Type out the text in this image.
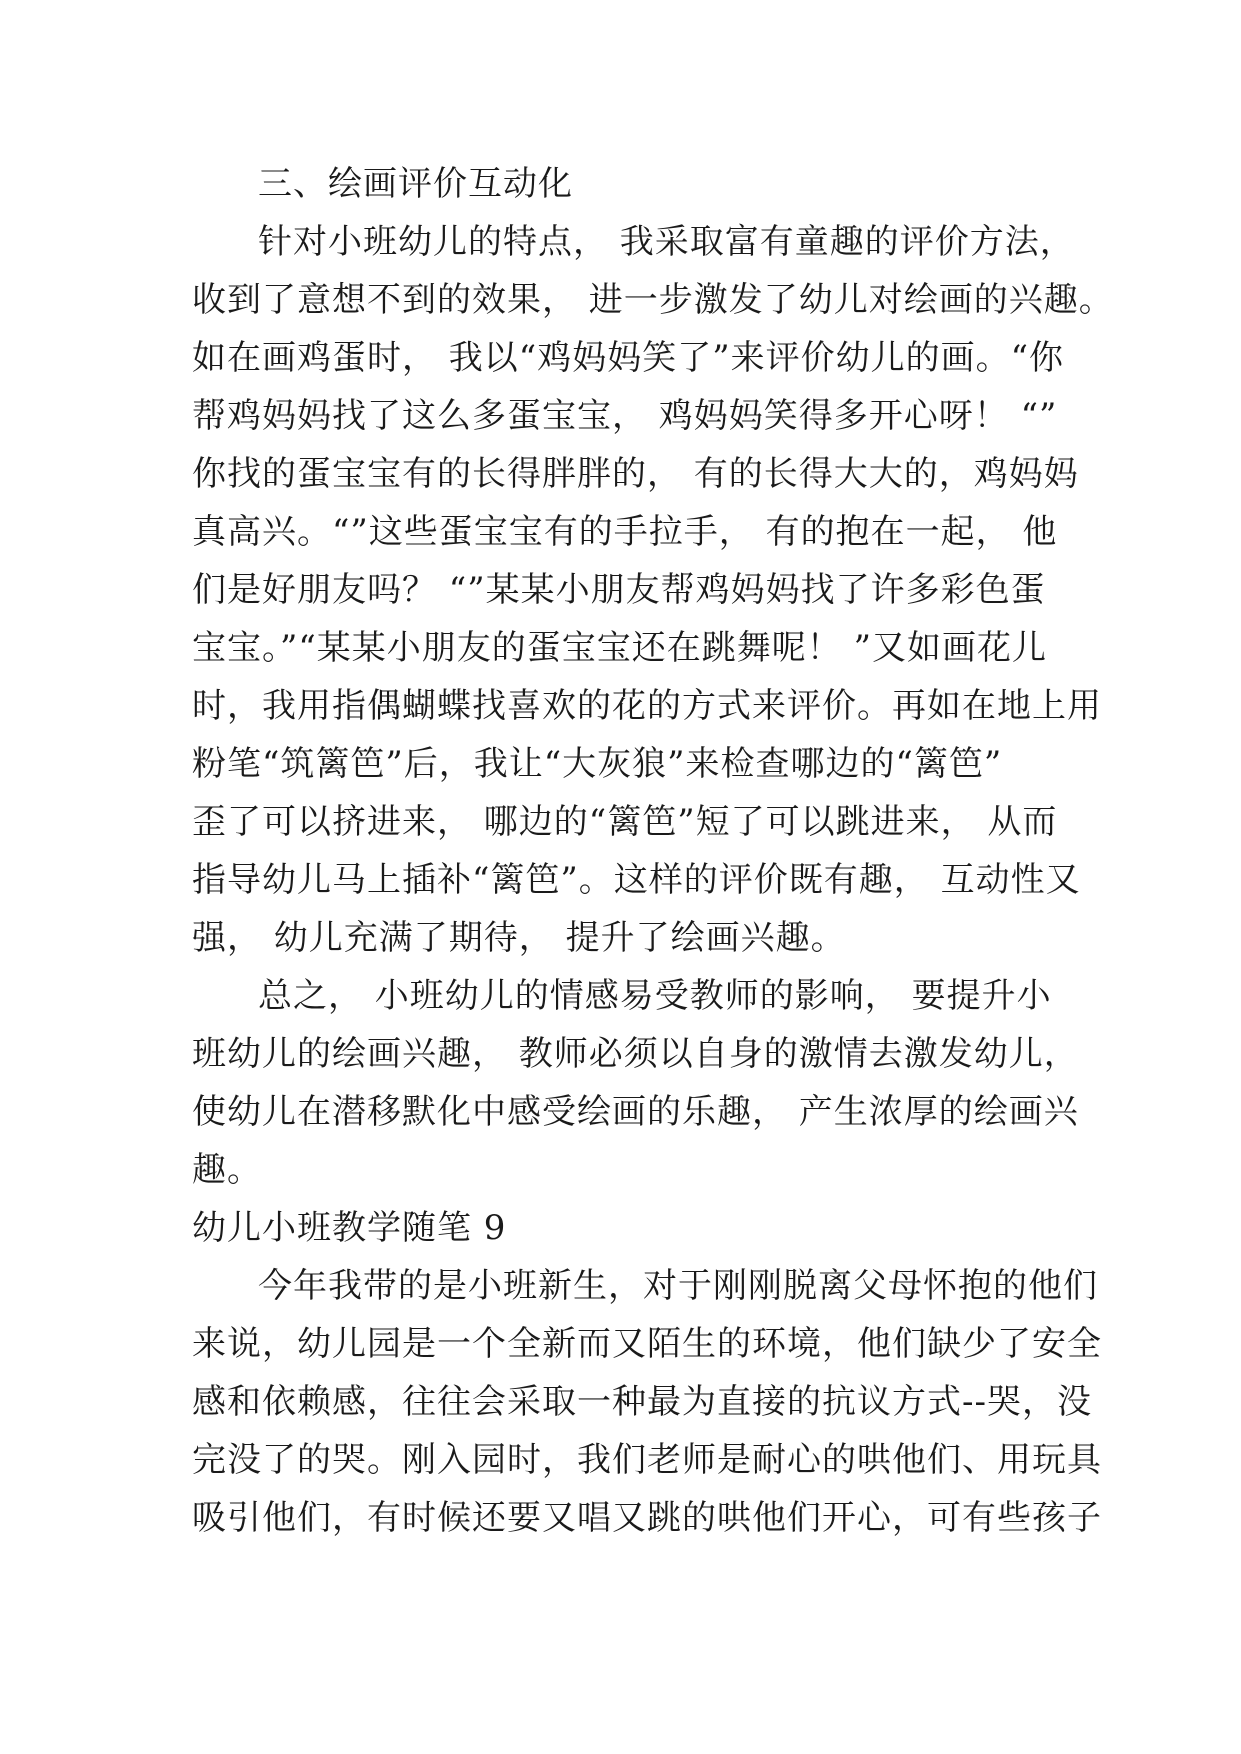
三、绘画评价互动化
针对小班幼儿的特点， 我采取富有童趣的评价方法，
收到了意想不到的效果， 进一步激发了幼儿对绘画的兴趣。
如在画鸡蛋时， 我以“鸡妈妈笑了”来评价幼儿的画。“你
帮鸡妈妈找了这么多蛋宝宝， 鸡妈妈笑得多开心呀！ “”
你找的蛋宝宝有的长得胖胖的， 有的长得大大的，鸡妈妈
真高兴。“”这些蛋宝宝有的手拉手， 有的抱在一起， 他
们是好朋友吗？ “”某某小朋友帮鸡妈妈找了许多彩色蛋
宝宝。”“某某小朋友的蛋宝宝还在跳舞呢！ ”又如画花儿
时，我用指偶蝴蝶找喜欢的花的方式来评价。再如在地上用
粉笔“筑篱笆”后，我让“大灰狼”来检查哪边的“篱笆”
歪了可以挤进来， 哪边的“篱笆”短了可以跳进来， 从而
指导幼儿马上插补“篱笆”。这样的评价既有趣， 互动性又
强， 幼儿充满了期待， 提升了绘画兴趣。
总之， 小班幼儿的情感易受教师的影响， 要提升小
班幼儿的绘画兴趣， 教师必须以自身的激情去激发幼儿，
使幼儿在潜移默化中感受绘画的乐趣， 产生浓厚的绘画兴
趣。
幼儿小班教学随笔 9
今年我带的是小班新生，对于刚刚脱离父母怀抱的他们
来说，幼儿园是一个全新而又陌生的环境，他们缺少了安全
感和依赖感，往往会采取一种最为直接的抗议方式--哭，没
完没了的哭。刚入园时，我们老师是耐心的哄他们、用玩具
吸引他们，有时候还要又唱又跳的哄他们开心，可有些孩子
